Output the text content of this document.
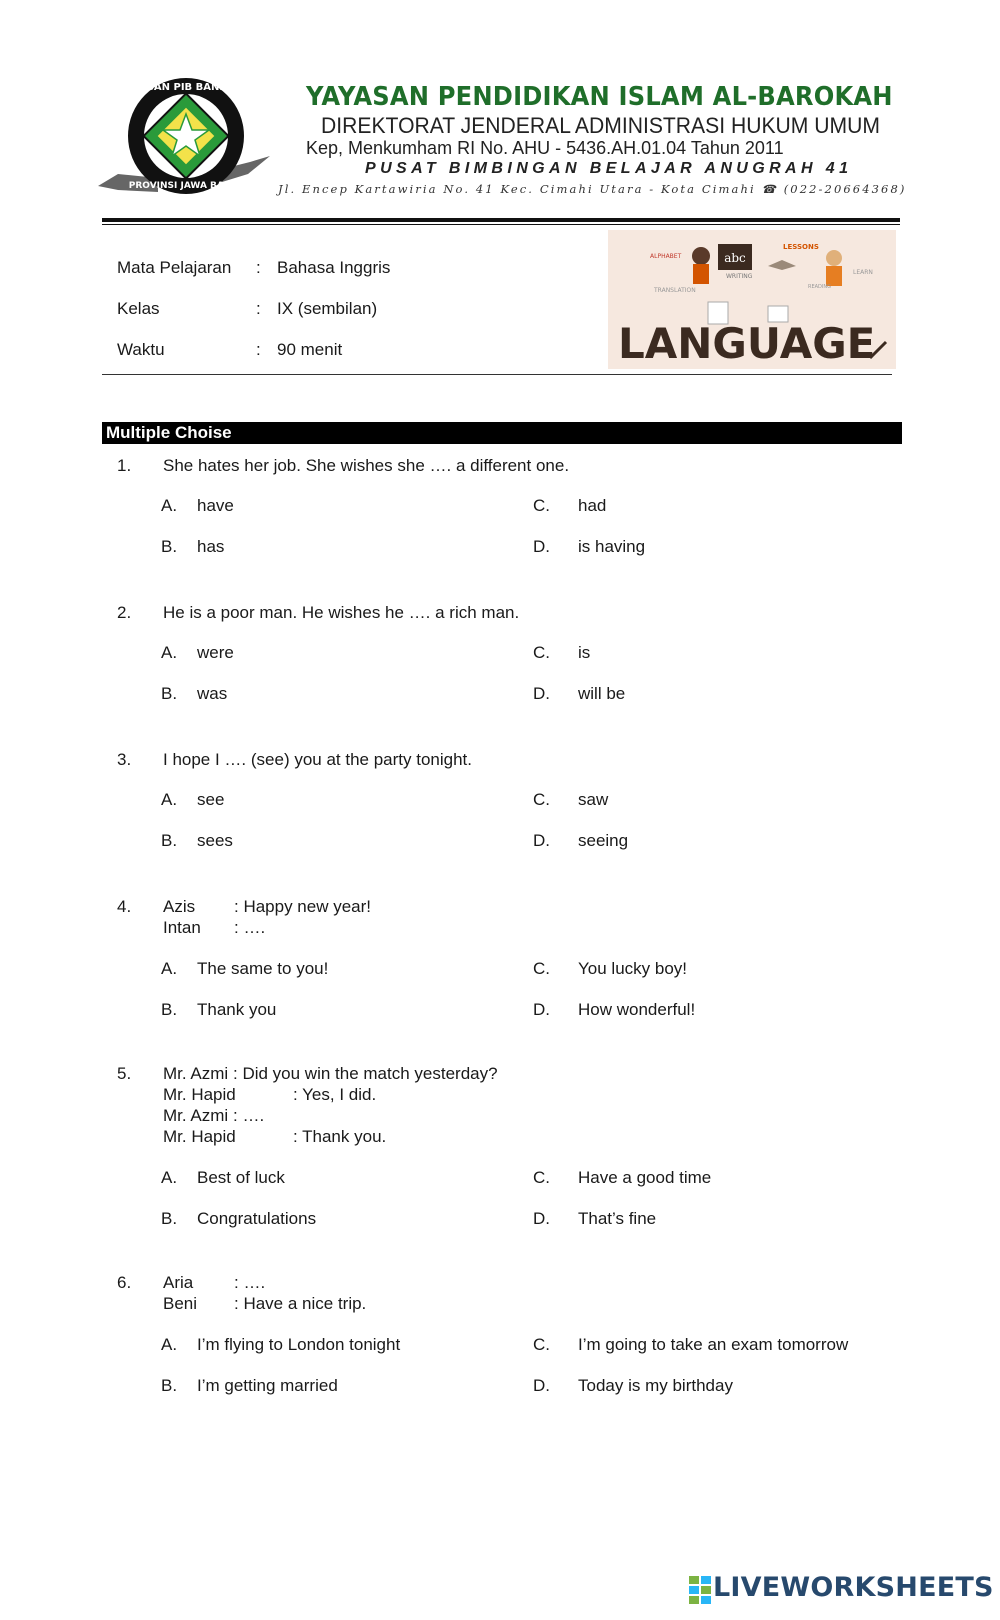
YAYASAN PIB BANDUNG
PROVINSI JAWA BARAT
YAYASAN PENDIDIKAN ISLAM AL-BAROKAH
DIREKTORAT JENDERAL ADMINISTRASI HUKUM UMUM
Kep, Menkumham RI No. AHU - 5436.AH.01.04 Tahun 2011
PUSAT BIMBINGAN BELAJAR ANUGRAH 41
Jl. Encep Kartawiria No. 41 Kec. Cimahi Utara - Kota Cimahi ☎ (022-20664368)
Mata Pelajaran : Bahasa Inggris
Kelas	: IX (sembilan)
Waktu	: 90 menit
ALPHABET	abc
LESSONS
WRITING
LEARN
TRANSLATION	READING
LANGUAGE
Multiple Choise
1. She hates her job. She wishes she …. a different one.
A. have
B. has
C. had
D. is having
2. He is a poor man. He wishes he …. a rich man.
A. were
B. was
C. is
D. will be
3. I hope I …. (see) you at the party tonight.
A. see
B. sees
C. saw
D. seeing
4. Azis : Happy new year!
Intan : ….
A. The same to you!
B. Thank you
C. You lucky boy!
D. How wonderful!
5. Mr. Azmi : Did you win the match yesterday?
Mr. Hapid	: Yes, I did.
Mr. Azmi : ….
Mr. Hapid	: Thank you.
A. Best of luck
B. Congratulations
C. Have a good time
D. That’s fine
6. Aria : ….
Beni : Have a nice trip.
A. I’m flying to London tonight
B. I’m getting married
C. I’m going to take an exam tomorrow
D. Today is my birthday
LIVEWORKSHEETS
